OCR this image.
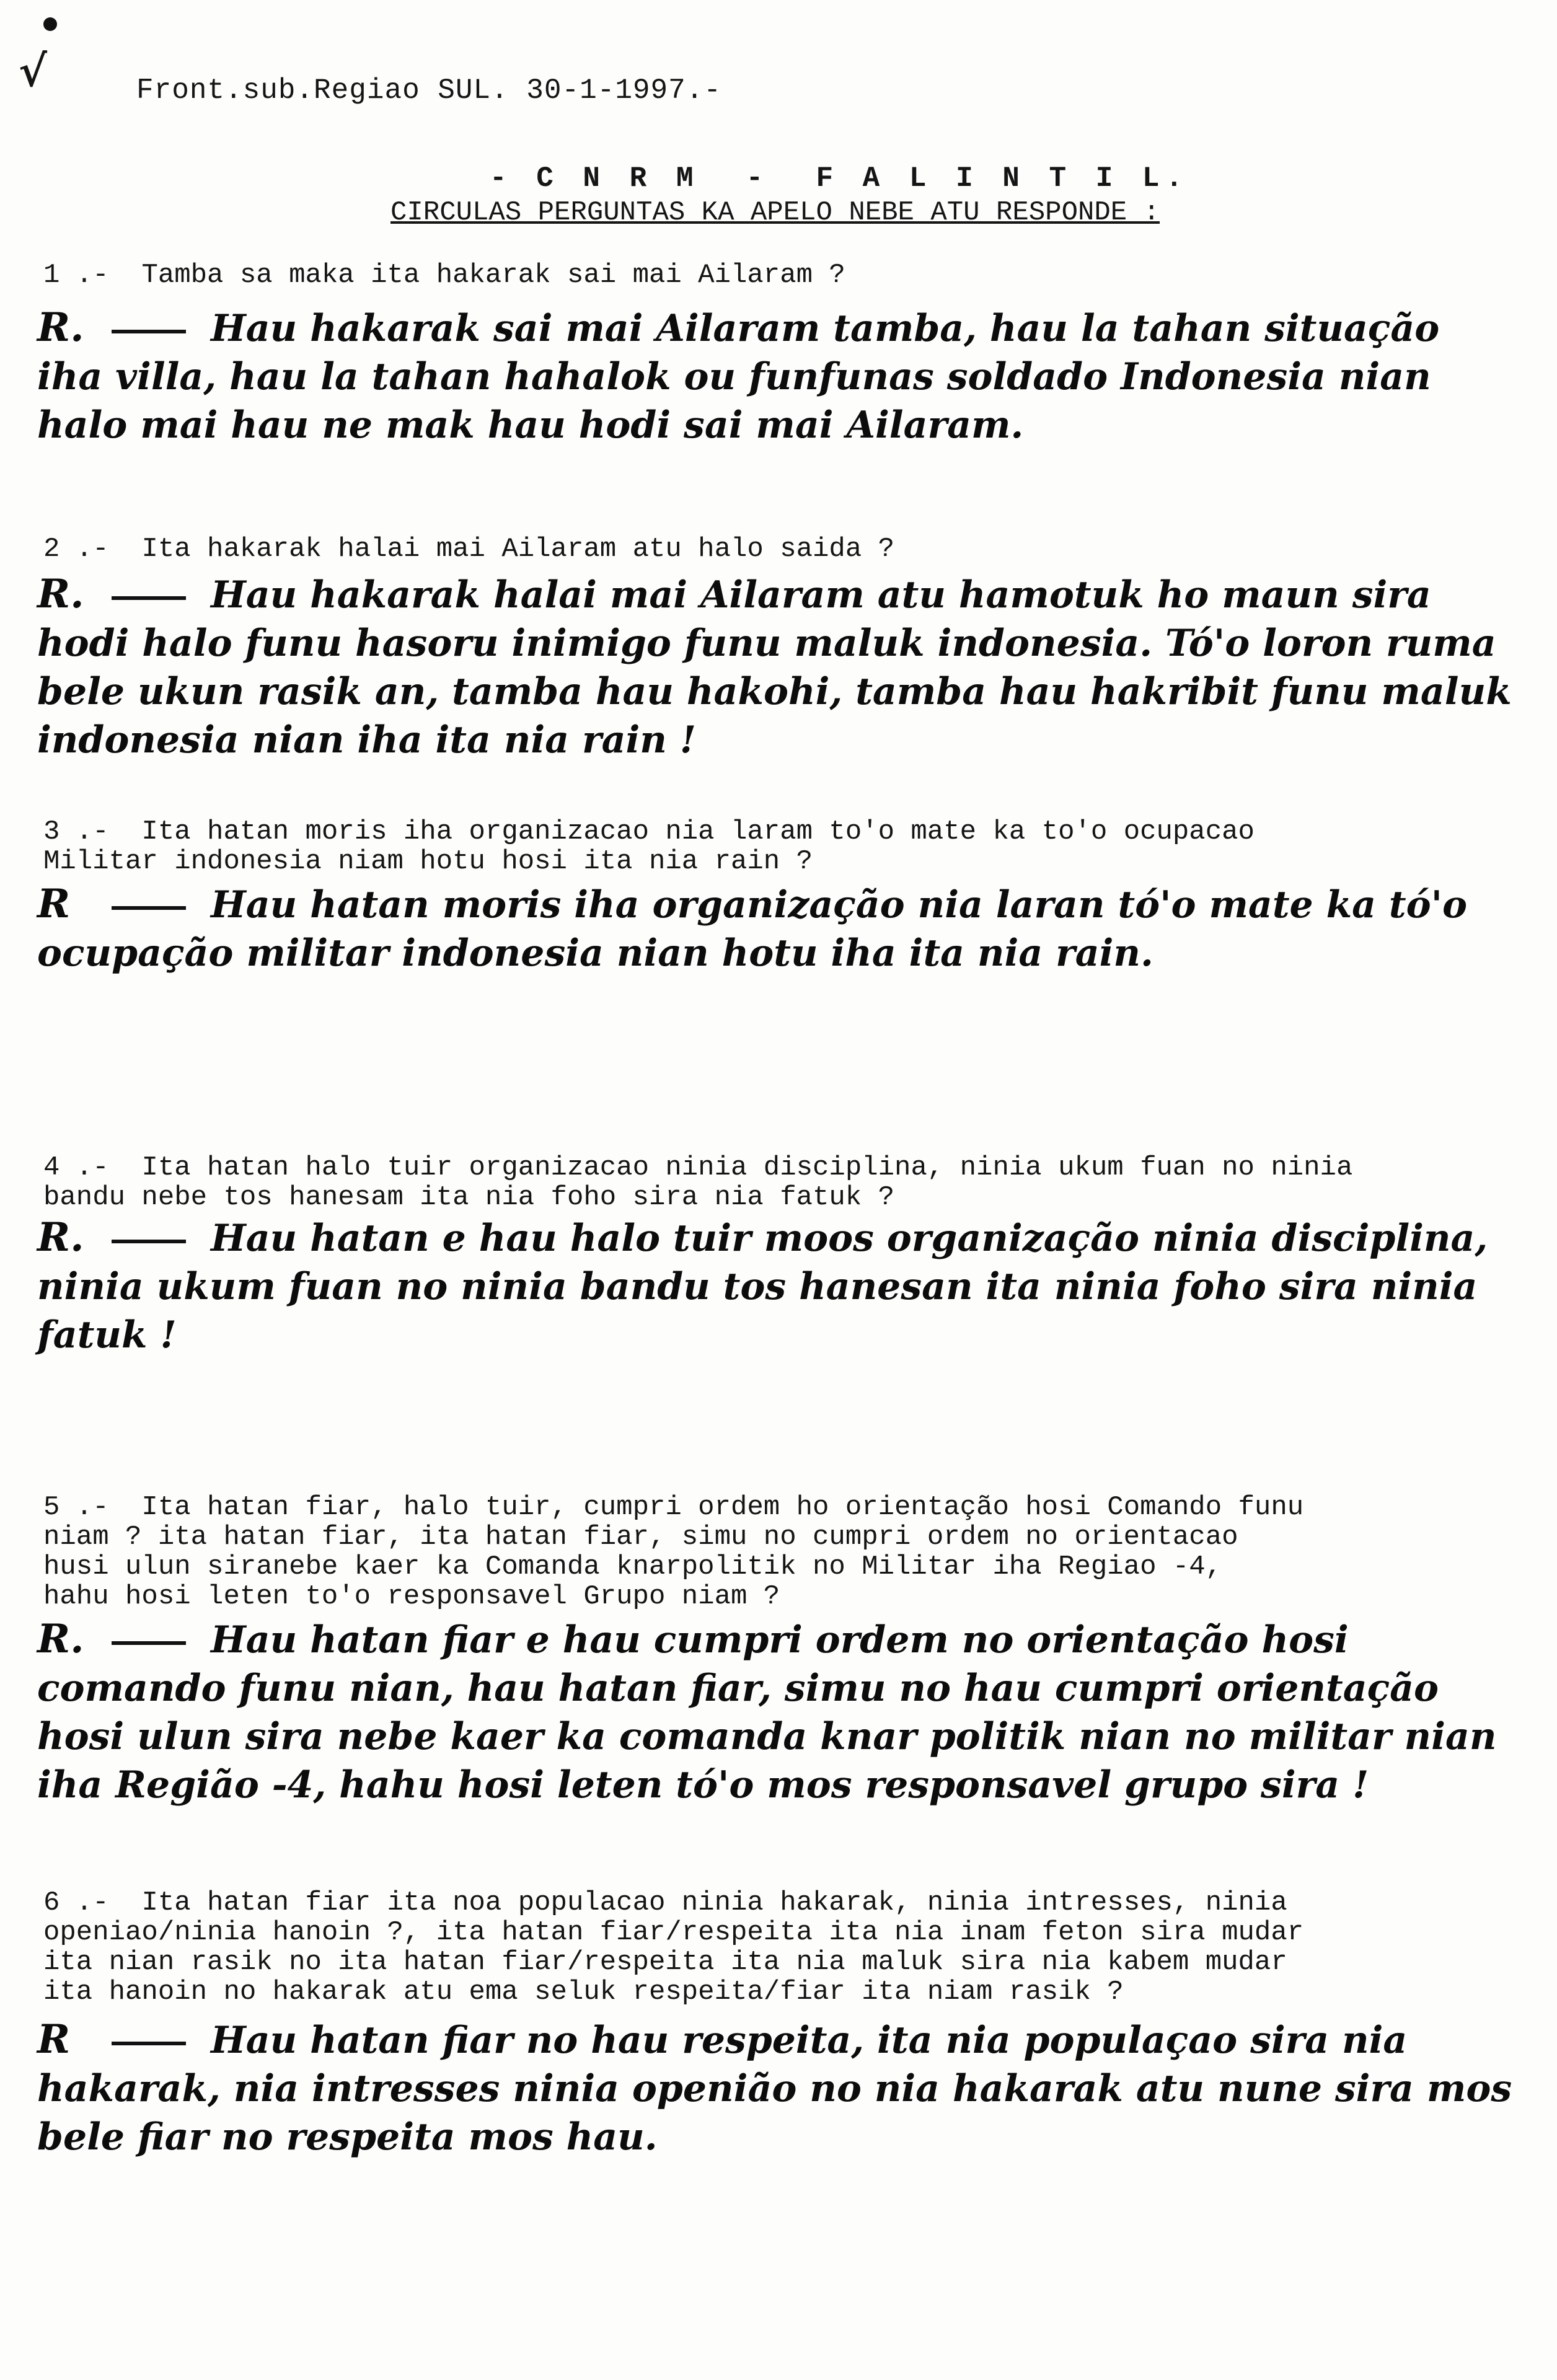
√	Front.sub.Regiao SUL. 30-1-1997.-
- C N R M  -  F A L I N T I L.
CIRCULAS PERGUNTAS KA APELO NEBE ATU RESPONDE :
1 .- Tamba sa maka ita hakarak sai mai Ailaram ?
R.	Hau hakarak sai mai Ailaram tamba, hau la tahan situação iha villa, hau la tahan hahalok ou funfunas soldado Indonesia nian halo mai hau ne mak hau hodi sai mai Ailaram.
2 .- Ita hakarak halai mai Ailaram atu halo saida ?
R.	Hau hakarak halai mai Ailaram atu hamotuk ho maun sira hodi halo funu hasoru inimigo funu maluk indonesia. Tó'o loron ruma bele ukun rasik an, tamba hau hakohi, tamba hau hakribit funu maluk indonesia nian iha ita nia rain !
3 .-  Ita hatan moris iha organizacao nia laram to'o mate ka to'o ocupacao
Militar indonesia niam hotu hosi ita nia rain ?
R	Hau hatan moris iha organização nia laran tó'o mate ka tó'o ocupação militar indonesia nian hotu iha ita nia rain.
4 .- Ita hatan halo tuir organizacao ninia disciplina, ninia ukum fuan no ninia
bandu nebe tos hanesam ita nia foho sira nia fatuk ?
R.	Hau hatan e hau halo tuir moos organização ninia disciplina, ninia ukum fuan no ninia bandu tos hanesan ita ninia foho sira ninia fatuk !
5 .-  Ita hatan fiar, halo tuir, cumpri ordem ho orientação hosi Comando funu
niam ? ita hatan fiar, ita hatan fiar, simu no cumpri ordem no orientacao
husi ulun siranebe kaer ka Comanda knarpolitik no Militar iha Regiao -4,
hahu hosi leten to'o responsavel Grupo niam ?
R.	Hau hatan fiar e hau cumpri ordem no orientação hosi comando funu nian, hau hatan fiar, simu no hau cumpri orientação hosi ulun sira nebe kaer ka comanda knar politik nian no militar nian iha Região -4, hahu hosi leten tó'o mos responsavel grupo sira !
6 .- Ita hatan fiar ita noa populacao ninia hakarak, ninia intresses, ninia
openiao/ninia hanoin ?, ita hatan fiar/respeita ita nia inam feton sira mudar
ita nian rasik no ita hatan fiar/respeita ita nia maluk sira nia kabem mudar
ita hanoin no hakarak atu ema seluk respeita/fiar ita niam rasik ?
R	Hau hatan fiar no hau respeita, ita nia populaçao sira nia hakarak, nia intresses ninia openião no nia hakarak atu nune sira mos bele fiar no respeita mos hau.
